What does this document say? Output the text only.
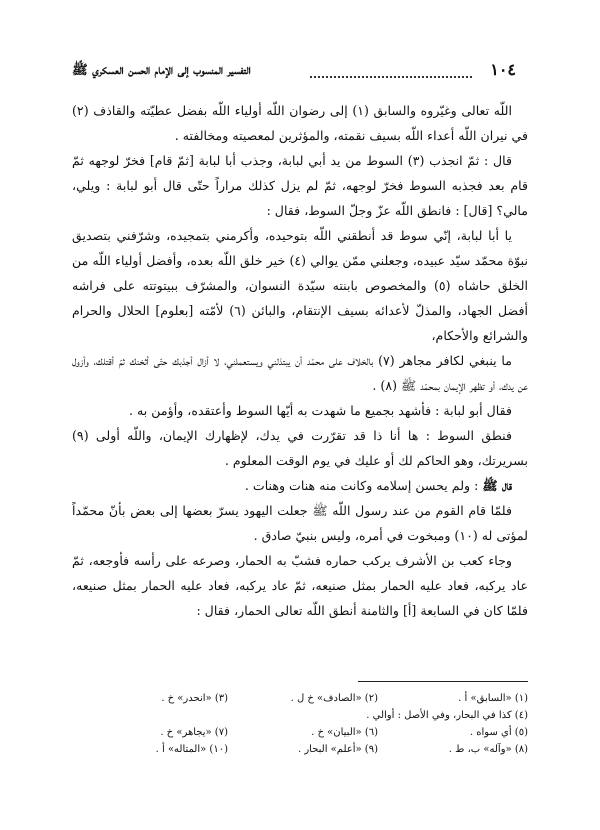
١٠٤
التفسير المنسوب إلى الإمام الحسن العسكري ﷺ

اللّه تعالى وغيّروه والسابق (١) إلى رضوان اللّه أولياء اللّه بفضل عطيّته والقاذف (٢) في نيران اللّه أعداء اللّه بسيف نقمته، والمؤثرين لمعصيته ومخالفته .

قال : ثمّ انجذب (٣) السوط من يد أبي لبابة، وجذب أبا لبابة [ثمّ قام] فخرّ لوجهه ثمّ قام بعد فجذبه السوط فخرّ لوجهه، ثمّ لم يزل كذلك مراراً حتّى قال أبو لبابة : ويلي، مالي؟ [قال] : فانطق اللّه عزّ وجلّ السوط، فقال :

يا أبا لبابة، إنّي سوط قد أنطقني اللّه بتوحيده، وأكرمني بتمجيده، وشرّفني بتصديق نبوّة محمّد سيّد عبيده، وجعلني ممّن يوالي (٤) خير خلق اللّه بعده، وأفضل أولياء اللّه من الخلق حاشاه (٥) والمخصوص بابنته سيّدة النسوان، والمشرّف ببيتوتته على فراشه أفضل الجهاد، والمذلّ لأعدائه بسيف الإنتقام، والبائن (٦) لأمّته [بعلوم] الحلال والحرام والشرائع والأحكام،

ما ينبغي لكافر مجاهر (٧) بالخلاف على محمّد أن يبتذلني ويستعملني، لا أزال أجذبك حتّى أثخنك ثمّ أقتلك، وأزول عن يدك، أو تظهر الإيمان بمحمّد ﷺ (٨) .

فقال أبو لبابة : فأشهد بجميع ما شهدت به أيّها السوط وأعتقده، وأؤمن به .

فنطق السوط : ها أنا ذا قد تقرّرت في يدك، لإظهارك الإيمان، واللّه أولى (٩) بسريرتك، وهو الحاكم لك أو عليك في يوم الوقت المعلوم .

قال ﷺ : ولم يحسن إسلامه وكانت منه هنات وهنات .

فلمّا قام القوم من عند رسول اللّه ﷺ جعلت اليهود يسرّ بعضها إلى بعض بأنّ محمّداً لمؤتى له (١٠) ومبخوت في أمره، وليس بنبيّ صادق .

وجاء كعب بن الأشرف يركب حماره فشبّ به الحمار، وصرعه على رأسه فأوجعه، ثمّ عاد يركبه، فعاد عليه الحمار بمثل صنيعه، ثمّ عاد يركبه، فعاد عليه الحمار بمثل صنيعه، فلمّا كان في السابعة [أ] والثامنة أنطق اللّه تعالى الحمار، فقال :

(١) «السابق» أ .
(٢) «الصادف» خ ل .
(٣) «انحدر» خ .
(٤) كذا في البحار، وفي الأصل : أوالي .
(٥) أي سواه .
(٦) «البيان» خ .
(٧) «يجاهر» خ .
(٨) «وآله» ب، ط .
(٩) «أعلم» البحار .
(١٠) «المتاله» أ .
